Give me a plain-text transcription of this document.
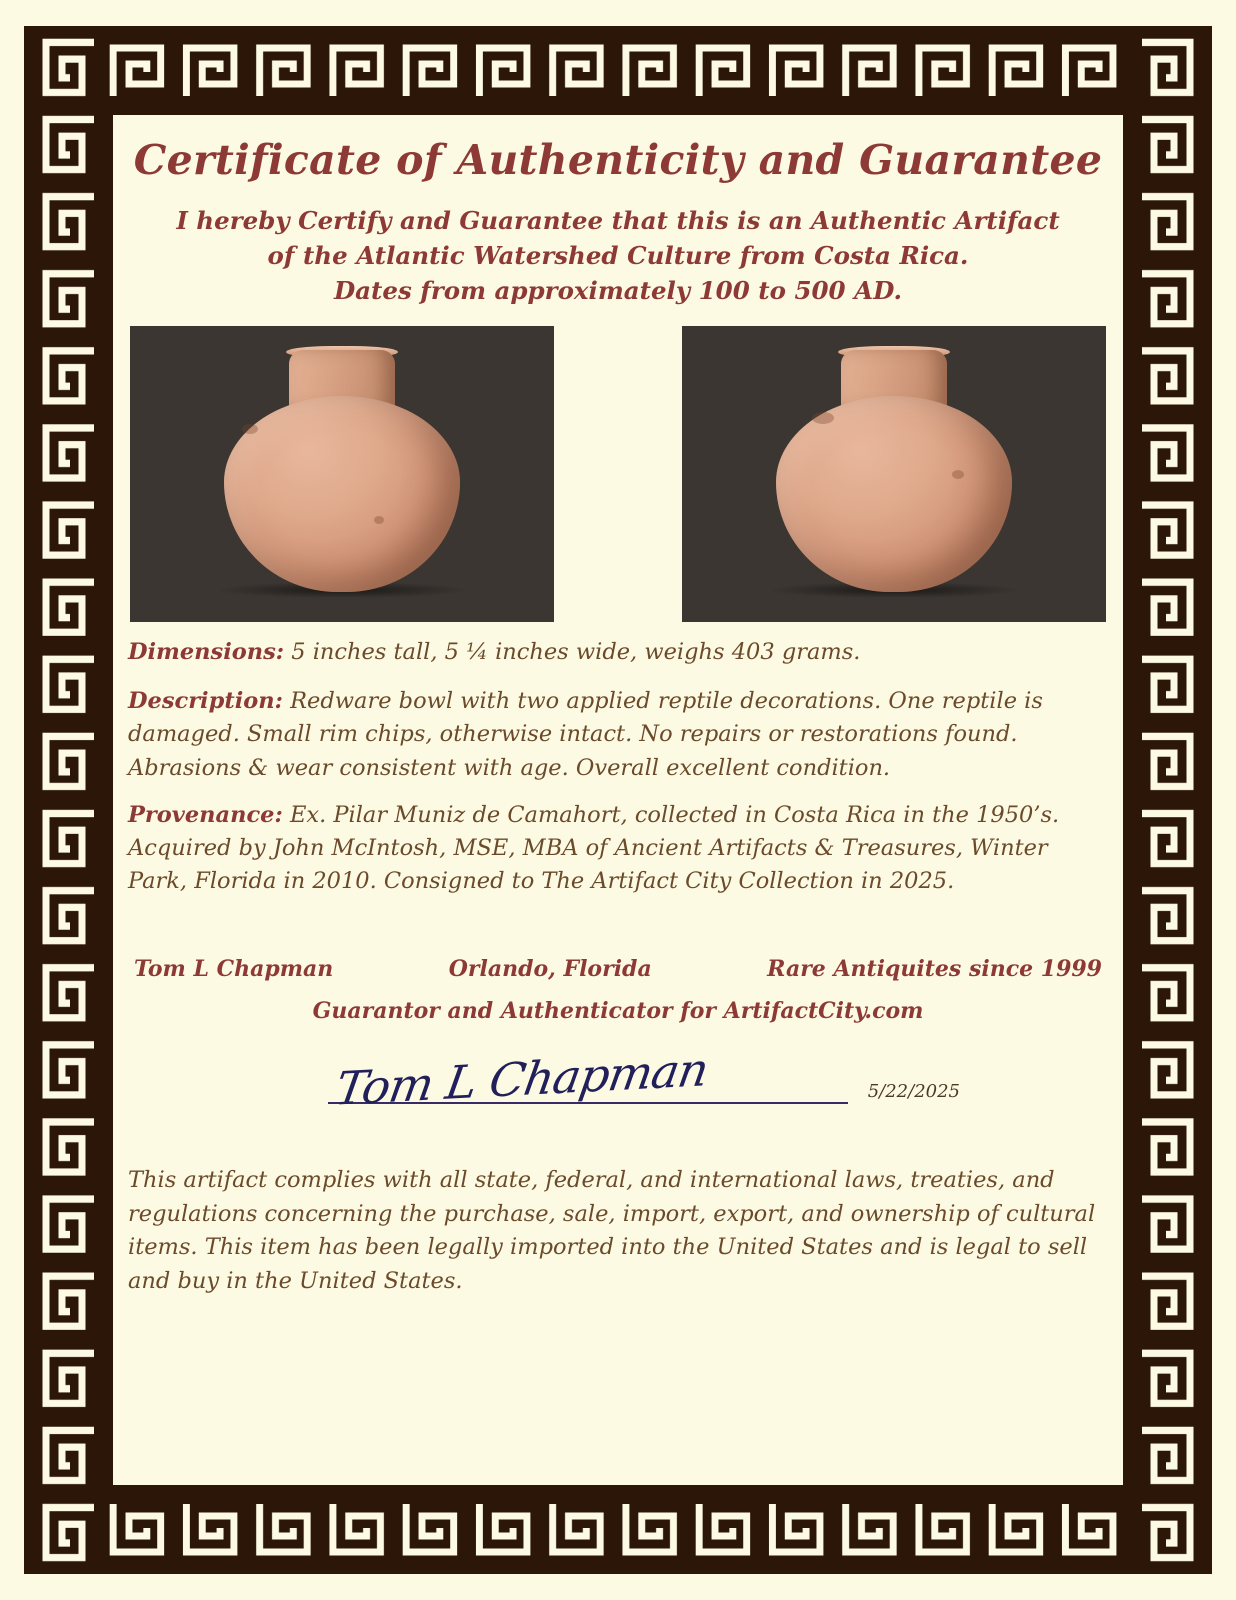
Certificate of Authenticity and Guarantee
I hereby Certify and Guarantee that this is an Authentic Artifact
of the Atlantic Watershed Culture from Costa Rica.
Dates from approximately 100 to 500 AD.
Dimensions: 5 inches tall, 5 ¼ inches wide, weighs 403 grams.
Description: Redware bowl with two applied reptile decorations. One reptile is damaged. Small rim chips, otherwise intact. No repairs or restorations found. Abrasions & wear consistent with age. Overall excellent condition.
Provenance: Ex. Pilar Muniz de Camahort, collected in Costa Rica in the 1950’s. Acquired by John McIntosh, MSE, MBA of Ancient Artifacts & Treasures, Winter Park, Florida in 2010. Consigned to The Artifact City Collection in 2025.
Tom L Chapman	Orlando, Florida	Rare Antiquites since 1999
Guarantor and Authenticator for ArtifactCity.com
Tom L Chapman	5/22/2025
This artifact complies with all state, federal, and international laws, treaties, and regulations concerning the purchase, sale, import, export, and ownership of cultural items. This item has been legally imported into the United States and is legal to sell and buy in the United States.
